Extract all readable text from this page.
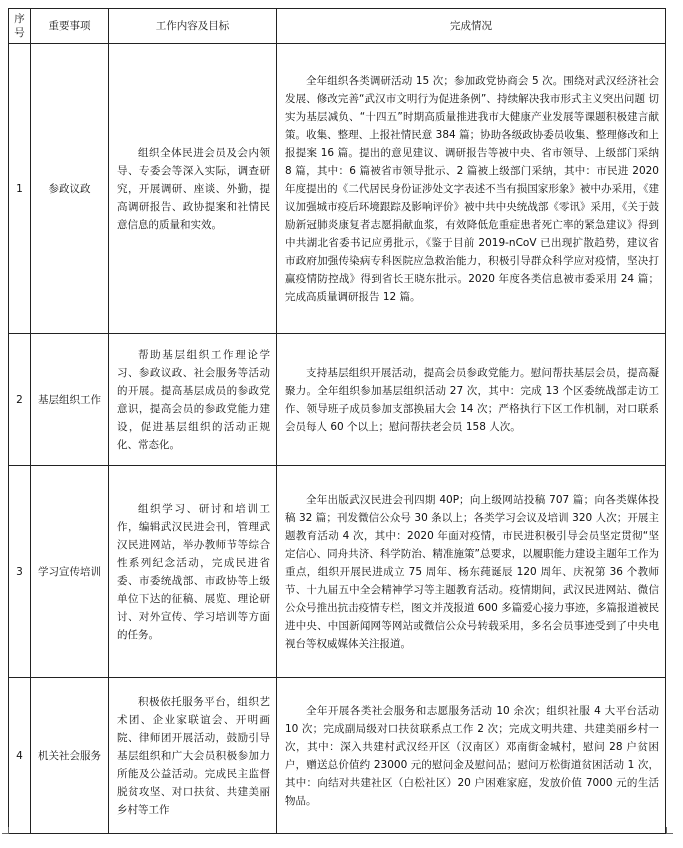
序号	重要事项	工作内容及目标	完成情况
1	参政议政	组织全体民进会员及会内领导、专委会等深入实际，调查研究，开展调研、座谈、外勤，提高调研报告、政协提案和社情民意信息的质量和实效。	全年组织各类调研活动 15 次；参加政党协商会 5 次。围绕对武汉经济社会发展、修改完善“武汉市文明行为促进条例”、持续解决我市形式主义突出问题 切实为基层减负、“十四五”时期高质量推进我市大健康产业发展等课题积极建言献策。收集、整理、上报社情民意 384 篇；协助各级政协委员收集、整理修改和上报提案 16 篇。提出的意见建议、调研报告等被中央、省市领导、上级部门采纳 8 篇，其中：6 篇被省市领导批示、2 篇被上级部门采纳，其中：市民进 2020 年度提出的《二代居民身份证涉处文字表述不当有损国家形象》被中办采用，《建议加强城市疫后环境跟踪及影响评价》被中共中央统战部《零讯》采用，《关于鼓励新冠肺炎康复者志愿捐献血浆，有效降低危重症患者死亡率的紧急建议》得到中共湖北省委书记应勇批示，《鉴于目前 2019-nCoV 已出现扩散趋势，建议省市政府加强传染病专科医院应急救治能力，积极引导群众科学应对疫情，坚决打赢疫情防控战》得到省长王晓东批示。2020 年度各类信息被市委采用 24 篇；完成高质量调研报告 12 篇。
2	基层组织工作	帮助基层组织工作理论学习、参政议政、社会服务等活动的开展。提高基层成员的参政党意识，提高会员的参政党能力建设，促进基层组织的活动正规化、常态化。	支持基层组织开展活动，提高会员参政党能力。慰问帮扶基层会员，提高凝聚力。全年组织参加基层组织活动 27 次，其中：完成 13 个区委统战部走访工作、领导班子成员参加支部换届大会 14 次；严格执行下区工作机制，对口联系会员每人 60 个以上；慰问帮扶老会员 158 人次。
3	学习宣传培训	组织学习、研讨和培训工作，编辑武汉民进会刊，管理武汉民进网站，举办教师节等综合性系列纪念活动，完成民进省委、市委统战部、市政协等上级单位下达的征稿、展览、理论研讨、对外宣传、学习培训等方面的任务。	全年出版武汉民进会刊四期 40P；向上级网站投稿 707 篇；向各类媒体投稿 32 篇；刊发微信公众号 30 条以上；各类学习会议及培训 320 人次；开展主题教育活动 4 次，其中：2020 年面对疫情，市民进积极引导会员坚定贯彻“坚定信心、同舟共济、科学防治、精准施策”总要求，以履职能力建设主题年工作为重点，组织开展民进成立 75 周年、杨东莼诞辰 120 周年、庆祝第 36 个教师节、十九届五中全会精神学习等主题教育活动。疫情期间，武汉民进网站、微信公众号推出抗击疫情专栏，图文并茂报道 600 多篇爱心接力事迹，多篇报道被民进中央、中国新闻网等网站或微信公众号转载采用，多名会员事迹受到了中央电视台等权威媒体关注报道。
4	机关社会服务	积极依托服务平台，组织艺术团、企业家联谊会、开明画院、律师团开展活动，鼓励引导基层组织和广大会员积极参加力所能及公益活动。完成民主监督脱贫攻坚、对口扶贫、共建美丽乡村等工作	全年开展各类社会服务和志愿服务活动 10 余次；组织社服 4 大平台活动 10 次；完成副局级对口扶贫联系点工作 2 次；完成文明共建、共建美丽乡村一次，其中：深入共建村武汉经开区（汉南区）邓南街金城村，慰问 28 户贫困户，赠送总价值约 23000 元的慰问金及慰问品；慰问万松街道贫困活动 1 次，其中：向结对共建社区（白松社区）20 户困难家庭，发放价值 7000 元的生活物品。
